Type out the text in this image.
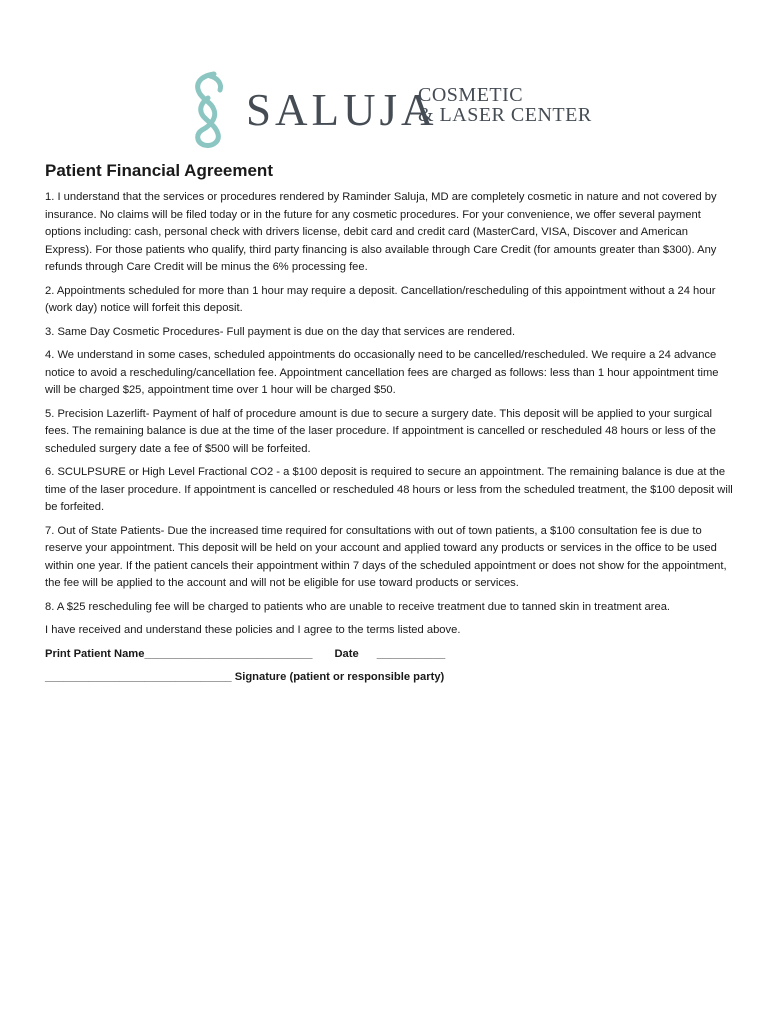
SALUJA
COSMETIC
& LASER CENTER
Patient Financial Agreement

1. I understand that the services or procedures rendered by Raminder Saluja, MD are completely cosmetic in nature and not covered by insurance. No claims will be filed today or in the future for any cosmetic procedures. For your convenience, we offer several payment options including: cash, personal check with drivers license, debit card and credit card (MasterCard, VISA, Discover and American Express). For those patients who qualify, third party financing is also available through Care Credit (for amounts greater than $300). Any refunds through Care Credit will be minus the 6% processing fee.

2. Appointments scheduled for more than 1 hour may require a deposit. Cancellation/rescheduling of this appointment without a 24 hour (work day) notice will forfeit this deposit.

3. Same Day Cosmetic Procedures- Full payment is due on the day that services are rendered.

4. We understand in some cases, scheduled appointments do occasionally need to be cancelled/rescheduled. We require a 24 advance notice to avoid a rescheduling/cancellation fee. Appointment cancellation fees are charged as follows: less than 1 hour appointment time will be charged $25, appointment time over 1 hour will be charged $50.

5. Precision Lazerlift- Payment of half of procedure amount is due to secure a surgery date. This deposit will be applied to your surgical fees. The remaining balance is due at the time of the laser procedure. If appointment is cancelled or rescheduled 48 hours or less of the scheduled surgery date a fee of $500 will be forfeited.

6. SCULPSURE or High Level Fractional CO2 - a $100 deposit is required to secure an appointment. The remaining balance is due at the time of the laser procedure. If appointment is cancelled or rescheduled 48 hours or less from the scheduled treatment, the $100 deposit will be forfeited.

7. Out of State Patients- Due the increased time required for consultations with out of town patients, a $100 consultation fee is due to reserve your appointment. This deposit will be held on your account and applied toward any products or services in the office to be used within one year. If the patient cancels their appointment within 7 days of the scheduled appointment or does not show for the appointment, the fee will be applied to the account and will not be eligible for use toward products or services.

8. A $25 rescheduling fee will be charged to patients who are unable to receive treatment due to tanned skin in treatment area.

I have received and understand these policies and I agree to the terms listed above.

Print Patient Name___________________________ Date ___________
______________________________ Signature (patient or responsible party)
